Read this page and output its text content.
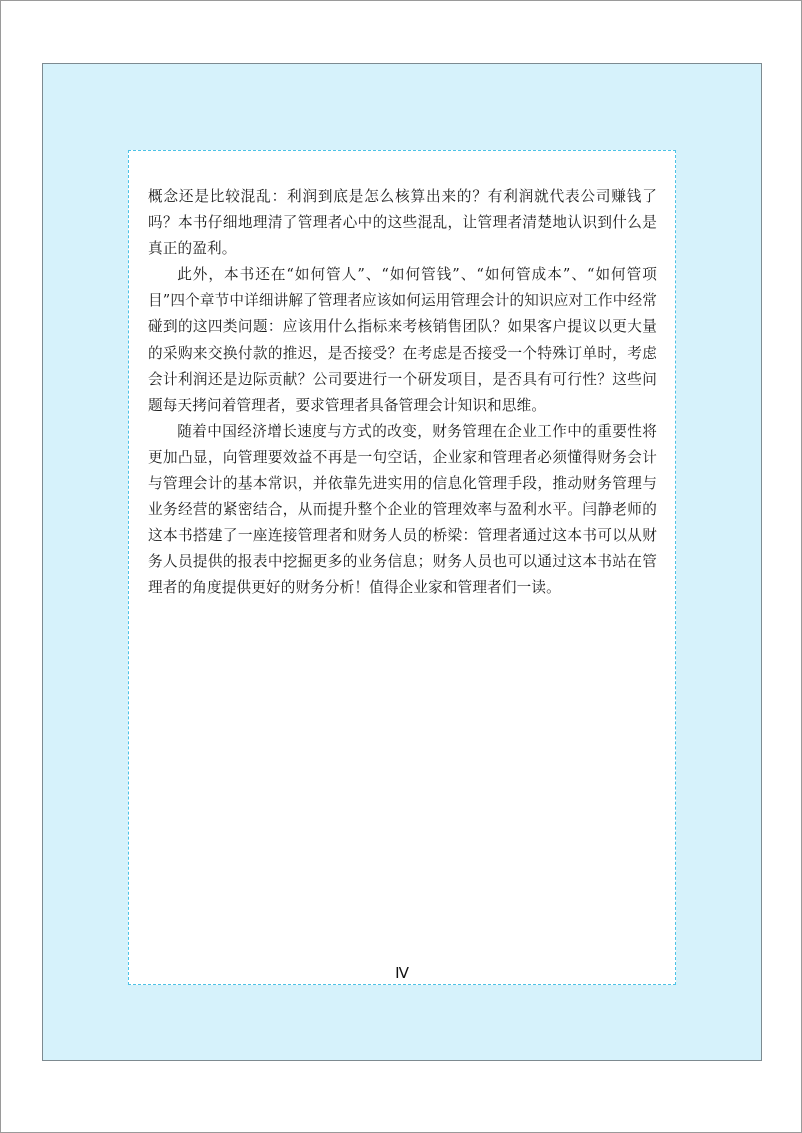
概念还是比较混乱：利润到底是怎么核算出来的？有利润就代表公司赚钱了吗？本书仔细地理清了管理者心中的这些混乱，让管理者清楚地认识到什么是真正的盈利。

此外，本书还在“如何管人”、“如何管钱”、“如何管成本”、“如何管项目”四个章节中详细讲解了管理者应该如何运用管理会计的知识应对工作中经常碰到的这四类问题：应该用什么指标来考核销售团队？如果客户提议以更大量的采购来交换付款的推迟，是否接受？在考虑是否接受一个特殊订单时，考虑会计利润还是边际贡献？公司要进行一个研发项目，是否具有可行性？这些问题每天拷问着管理者，要求管理者具备管理会计知识和思维。

随着中国经济增长速度与方式的改变，财务管理在企业工作中的重要性将更加凸显，向管理要效益不再是一句空话，企业家和管理者必须懂得财务会计与管理会计的基本常识，并依靠先进实用的信息化管理手段，推动财务管理与业务经营的紧密结合，从而提升整个企业的管理效率与盈利水平。闫静老师的这本书搭建了一座连接管理者和财务人员的桥梁：管理者通过这本书可以从财务人员提供的报表中挖掘更多的业务信息；财务人员也可以通过这本书站在管理者的角度提供更好的财务分析！值得企业家和管理者们一读。

Ⅳ
